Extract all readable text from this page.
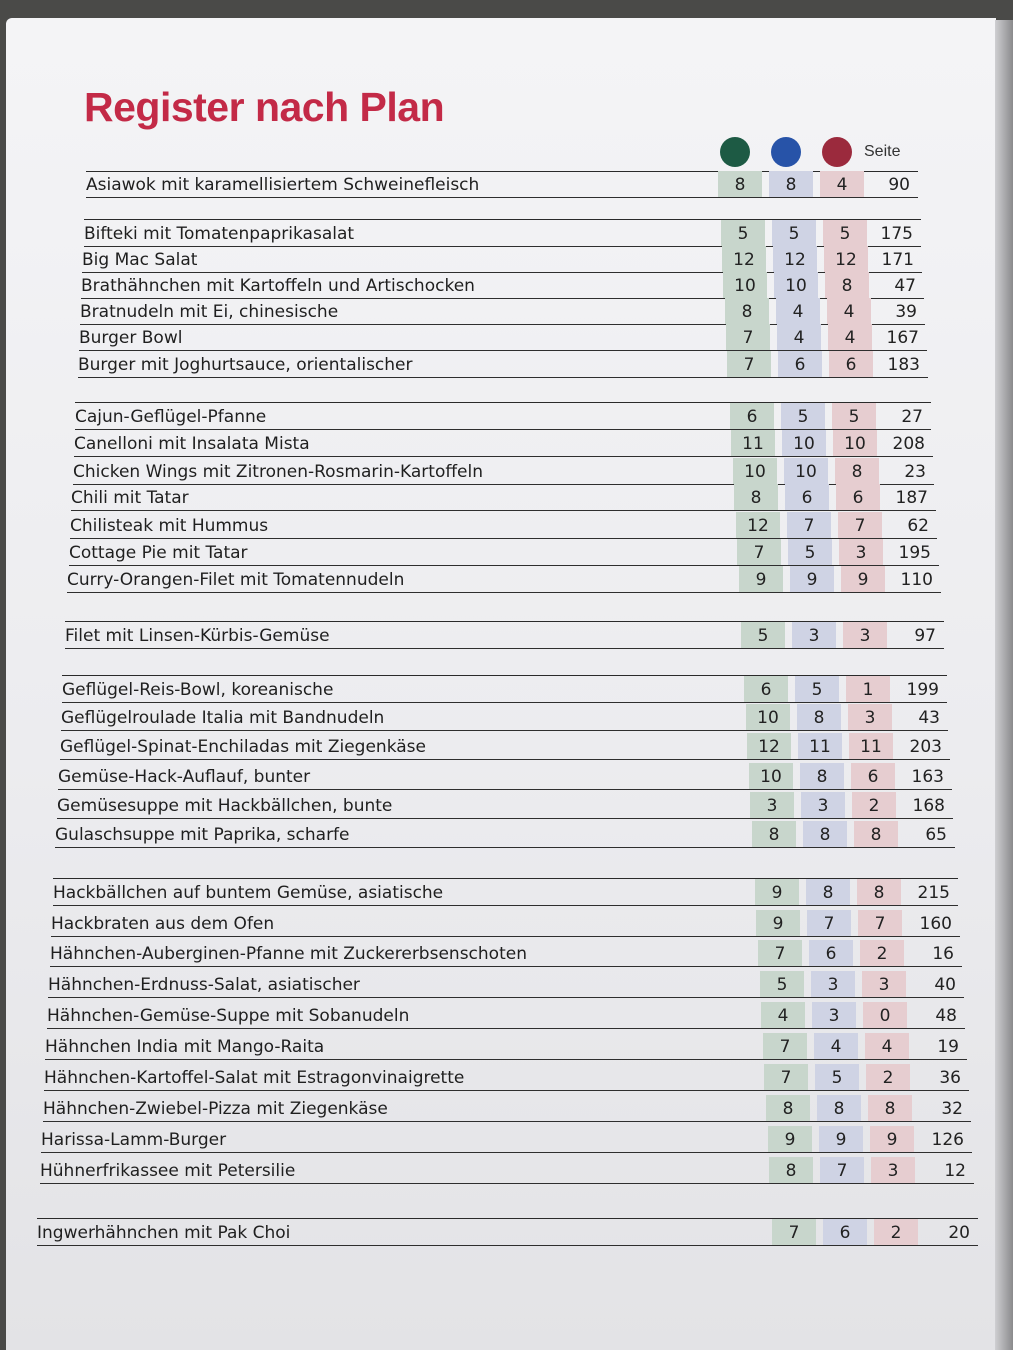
Register nach Plan
Seite
Asiawok mit karamellisiertem Schweinefleisch	8	8	4	90
Bifteki mit Tomatenpaprikasalat	5	5	5	175
Big Mac Salat	12	12	12	171
Brathähnchen mit Kartoffeln und Artischocken	10	10	8	47
Bratnudeln mit Ei, chinesische	8	4	4	39
Burger Bowl	7	4	4	167
Burger mit Joghurtsauce, orientalischer	7	6	6	183
Cajun-Geflügel-Pfanne	6	5	5	27
Canelloni mit Insalata Mista	11	10	10	208
Chicken Wings mit Zitronen-Rosmarin-Kartoffeln	10	10	8	23
Chili mit Tatar	8	6	6	187
Chilisteak mit Hummus	12	7	7	62
Cottage Pie mit Tatar	7	5	3	195
Curry-Orangen-Filet mit Tomatennudeln	9	9	9	110
Filet mit Linsen-Kürbis-Gemüse	5	3	3	97
Geflügel-Reis-Bowl, koreanische	6	5	1	199
Geflügelroulade Italia mit Bandnudeln	10	8	3	43
Geflügel-Spinat-Enchiladas mit Ziegenkäse	12	11	11	203
Gemüse-Hack-Auflauf, bunter	10	8	6	163
Gemüsesuppe mit Hackbällchen, bunte	3	3	2	168
Gulaschsuppe mit Paprika, scharfe	8	8	8	65
Hackbällchen auf buntem Gemüse, asiatische	9	8	8	215
Hackbraten aus dem Ofen	9	7	7	160
Hähnchen-Auberginen-Pfanne mit Zuckererbsenschoten	7	6	2	16
Hähnchen-Erdnuss-Salat, asiatischer	5	3	3	40
Hähnchen-Gemüse-Suppe mit Sobanudeln	4	3	0	48
Hähnchen India mit Mango-Raita	7	4	4	19
Hähnchen-Kartoffel-Salat mit Estragonvinaigrette	7	5	2	36
Hähnchen-Zwiebel-Pizza mit Ziegenkäse	8	8	8	32
Harissa-Lamm-Burger	9	9	9	126
Hühnerfrikassee mit Petersilie	8	7	3	12
Ingwerhähnchen mit Pak Choi	7	6	2	20
